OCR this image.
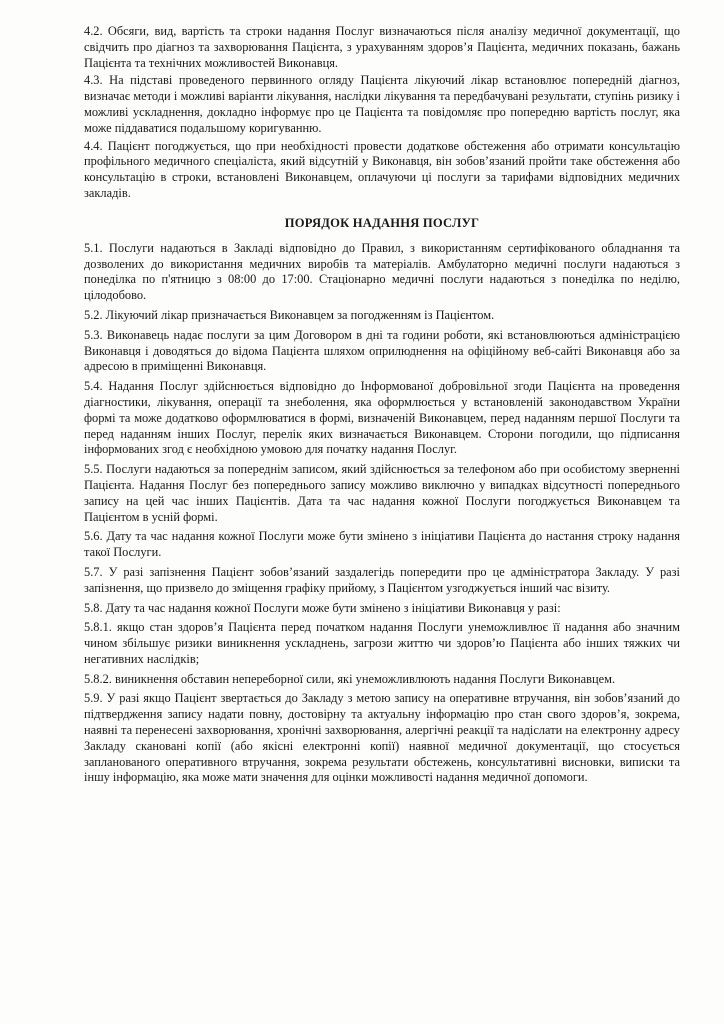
4.2. Обсяги, вид, вартість та строки надання Послуг визначаються після аналізу медичної документації, що свідчить про діагноз та захворювання Пацієнта, з урахуванням здоров’я Пацієнта, медичних показань, бажань Пацієнта та технічних можливостей Виконавця.

4.3. На підставі проведеного первинного огляду Пацієнта лікуючий лікар встановлює попередній діагноз, визначає методи і можливі варіанти лікування, наслідки лікування та передбачувані результати, ступінь ризику і можливі ускладнення, докладно інформує про це Пацієнта та повідомляє про попередню вартість послуг, яка може піддаватися подальшому коригуванню.

4.4. Пацієнт погоджується, що при необхідності провести додаткове обстеження або отримати консультацію профільного медичного спеціаліста, який відсутній у Виконавця, він зобов’язаний пройти таке обстеження або консультацію в строки, встановлені Виконавцем, оплачуючи ці послуги за тарифами відповідних медичних закладів.

ПОРЯДОК НАДАННЯ ПОСЛУГ

5.1. Послуги надаються в Закладі відповідно до Правил, з використанням сертифікованого обладнання та дозволених до використання медичних виробів та матеріалів. Амбулаторно медичні послуги надаються з понеділка по п'ятницю з 08:00 до 17:00. Стаціонарно медичні послуги надаються з понеділка по неділю, цілодобово.

5.2. Лікуючий лікар призначається Виконавцем за погодженням із Пацієнтом.

5.3. Виконавець надає послуги за цим Договором в дні та години роботи, які встановлюються адміністрацією Виконавця і доводяться до відома Пацієнта шляхом оприлюднення на офіційному веб-сайті Виконавця або за адресою в приміщенні Виконавця.

5.4. Надання Послуг здійснюється відповідно до Інформованої добровільної згоди Пацієнта на проведення діагностики, лікування, операції та знеболення, яка оформлюється у встановленій законодавством України формі та може додатково оформлюватися в формі, визначеній Виконавцем, перед наданням першої Послуги та перед наданням інших Послуг, перелік яких визначається Виконавцем. Сторони погодили, що підписання інформованих згод є необхідною умовою для початку надання Послуг.

5.5. Послуги надаються за попереднім записом, який здійснюється за телефоном або при особистому зверненні Пацієнта. Надання Послуг без попереднього запису можливо виключно у випадках відсутності попереднього запису на цей час інших Пацієнтів. Дата та час надання кожної Послуги погоджується Виконавцем та Пацієнтом в усній формі.

5.6. Дату та час надання кожної Послуги може бути змінено з ініціативи Пацієнта до настання строку надання такої Послуги.

5.7. У разі запізнення Пацієнт зобов’язаний заздалегідь попередити про це адміністратора Закладу. У разі запізнення, що призвело до зміщення графіку прийому, з Пацієнтом узгоджується інший час візиту.

5.8. Дату та час надання кожної Послуги може бути змінено з ініціативи Виконавця у разі:

5.8.1. якщо стан здоров’я Пацієнта перед початком надання Послуги унеможливлює її надання або значним чином збільшує ризики виникнення ускладнень, загрози життю чи здоров’ю Пацієнта або інших тяжких чи негативних наслідків;

5.8.2. виникнення обставин непереборної сили, які унеможливлюють надання Послуги Виконавцем.

5.9. У разі якщо Пацієнт звертається до Закладу з метою запису на оперативне втручання, він зобов’язаний до підтвердження запису надати повну, достовірну та актуальну інформацію про стан свого здоров’я, зокрема, наявні та перенесені захворювання, хронічні захворювання, алергічні реакції та надіслати на електронну адресу Закладу скановані копії (або якісні електронні копії) наявної медичної документації, що стосується запланованого оперативного втручання, зокрема результати обстежень, консультативні висновки, виписки та іншу інформацію, яка може мати значення для оцінки можливості надання медичної допомоги.
